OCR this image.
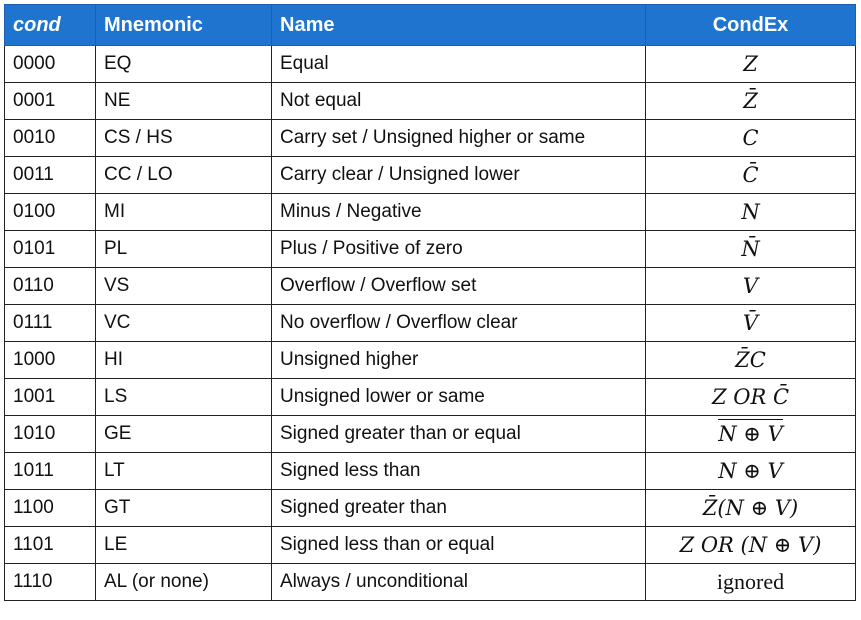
cond	Mnemonic	Name	CondEx
0000	EQ	Equal	Z
0001	NE	Not equal	Z̄
0010	CS / HS	Carry set / Unsigned higher or same	C
0011	CC / LO	Carry clear / Unsigned lower	C̄
0100	MI	Minus / Negative	N
0101	PL	Plus / Positive of zero	N̄
0110	VS	Overflow / Overflow set	V
0111	VC	No overflow / Overflow clear	V̄
1000	HI	Unsigned higher	Z̄C
1001	LS	Unsigned lower or same	Z OR C̄
1010	GE	Signed greater than or equal	N ⊕ V
1011	LT	Signed less than	N ⊕ V
1100	GT	Signed greater than	Z̄(N ⊕ V)
1101	LE	Signed less than or equal	Z OR (N ⊕ V)
1110	AL (or none)	Always / unconditional	ignored
